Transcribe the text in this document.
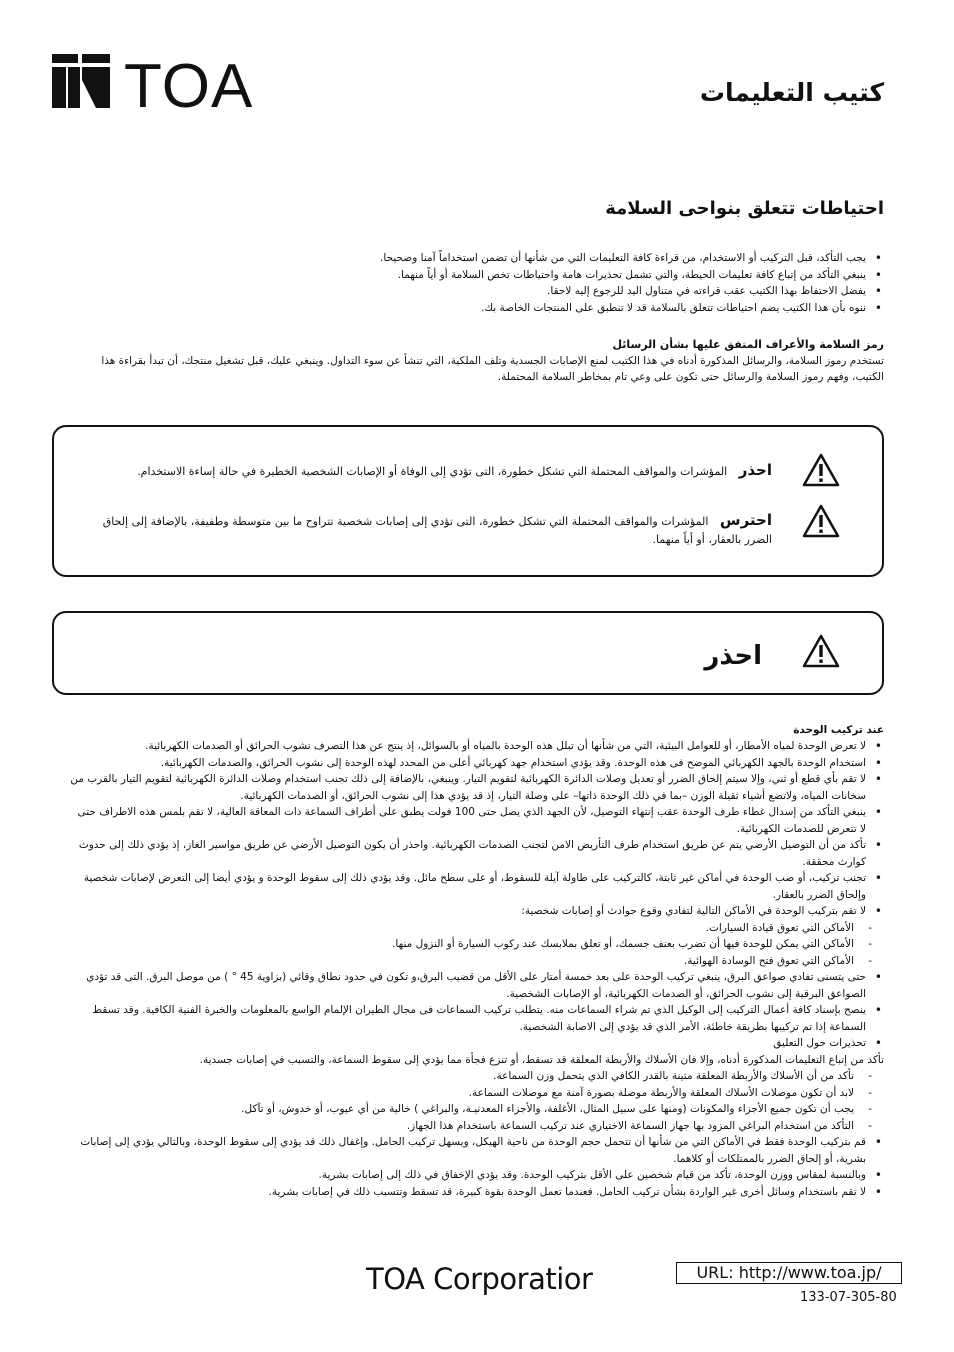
TOA	كتيب التعليمات
احتياطات تتعلق بنواحى السلامة
• يجب التأكد، قبل التركيب أو الاستخدام، من قراءة كافة التعليمات التي من شأنها أن تضمن استخداماً آمنا وصحيحا.
• ينبغي التأكد من إتباع كافة تعليمات الحيطة، والتي تشمل تحذيرات هامة واحتياطات تخص السلامة أو أياً منهما.
• يفضل الاحتفاظ بهذا الكتيب عقب قراءته في متناول اليد للرجوع إليه لاحقا.
• ننوه بأن هذا الكتيب يضم احتياطات تتعلق بالسلامة قد لا تنطبق على المنتجات الخاصة بك.
رمز السلامة والأعراف المتفق عليها بشأن الرسائل
تستخدم رموز السلامة، والرسائل المذكورة أدناه في هذا الكتيب لمنع الإصابات الجسدية وتلف الملكية، التي تنشأ عن سوء التداول. وينبغي عليك، قبل تشغيل منتجك، أن تبدأ بقراءة هذا الكتيب، وفهم رموز السلامة والرسائل حتى تكون على وعي تام بمخاطر السلامة المحتملة.
احذر المؤشرات والمواقف المحتملة التي تشكل خطورة، التى تؤدي إلى الوفاة أو الإصابات الشخصية الخطيرة في حالة إساءة الاستخدام.
احترس المؤشرات والمواقف المحتملة التي تشكل خطورة، التى تؤدي إلى إصابات شخصية تتراوح ما بين متوسطة وطفيفة، بالإضافة إلى إلحاق الضرر بالعقار، أو أياً منهما.
احذر
عند تركيب الوحدة
• لا تعرض الوحدة لمياه الأمطار، أو للعوامل البيئية، التي من شأنها أن تبلل هذه الوحدة بالمياه أو بالسوائل، إذ ينتج عن هذا التصرف نشوب الحرائق أو الصدمات الكهربائية.
• استخدام الوحدة بالجهد الكهربائي الموضح فى هذه الوحدة. وقد يؤدي استخدام جهد كهربائي أعلى من المحدد لهذه الوحدة إلى نشوب الحرائق، والصدمات الكهربائية.
• لا تقم بأي قطع أو ثني، وإلا سيتم إلحاق الضرر أو تعديل وصلات الدائرة الكهربائية لتقويم التيار. وينبغي، بالإضافة إلى ذلك تجنب استخدام وصلات الدائرة الكهربائية لتقويم التيار بالقرب من سخانات المياه، ولاتضع أشياء ثقيلة الوزن –بما في ذلك الوحدة ذاتها– على وصلة التيار، إذ قد يؤدي هذا إلى نشوب الحرائق، أو الصدمات الكهربائية.
• ينبغي التأكد من إسدال غطاء طرف الوحدة عقب إنتهاء التوصيل، لأن الجهد الذي يصل حتى 100 فولت يطبق على أطراف السماعة ذات المعاقة العالية، لا تقم بلمس هذه الاطراف حتى لا تتعرض للصدمات الكهربائية.
• تأكد من أن التوصيل الأرضي يتم عن طريق استخدام طرف التأريض الامن لتجنب الصدمات الكهربائية. واحذر أن يكون التوصيل الأرضي عن طريق مواسير الغاز، إذ يؤدي ذلك إلى حدوث كوارث محققة.
• تجنب تركيب، أو صب الوحدة في أماكن غير ثابتة، كالتركيب على طاولة آيلة للسقوط، أو على سطح مائل. وقد يؤدي ذلك إلى سقوط الوحدة و يؤدي أيضا إلى التعرض لإصابات شخصية وإلحاق الضرر بالعقار.
• لا تقم بتركيب الوحدة في الأماكن التالية لتفادي وقوع حوادث أو إصابات شخصية:
- الأماكن التي تعوق قيادة السيارات.
- الأماكن التي يمكن للوحدة فيها أن تضرب بعنف جسمك، أو تعلق بملابسك عند ركوب السيارة أو النزول منها.
- الأماكن التي تعوق فتح الوسادة الهوائية.
• حتى يتسنى تفادي صواعق البرق، ينبغي تركيب الوحدة على بعد خمسة أمتار على الأقل من قضيب البرق،و تكون في حدود نطاق وقائي (بزاوية 45 ° ) من موصل البرق. التى قد تؤدي الصواعق البرقية إلى نشوب الحرائق، أو الصدمات الكهربائية، أو الإصابات الشخصية.
• ينصح بإسناد كافة أعمال التركيب إلى الوكيل الذي تم شراء السماعات منه. يتطلب تركيب السماعات فى مجال الطيران الإلمام الواسع بالمعلومات والخبرة الفنية الكافية. وقد تسقط السماعة إذا تم تركيبها بطريقة خاطئة، الأمر الذي قد يؤدي إلى الاصابة الشخصية.
• تحذيرات حول التعليق
تأكد من إتباع التعليمات المذكورة أدناه، وإلا فان الأسلاك والأربطة المعلقة قد تسقط، أو تنزع فجأة مما يؤدي إلى سقوط السماعة، والتسبب في إصابات جسدية.
- تأكد من أن الأسلاك والأربطة المعلقة متينة بالقدر الكافي الذي يتحمل وزن السماعة.
- لابد أن تكون موصلات الأسلاك المعلقة والأربطة موصلة بصورة آمنة مع موصلات السماعة.
- يجب أن تكون جميع الأجزاء والمكونات (ومنها على سبيل المثال، الأغلفة، والأجزاء المعدنيـة، والبراغي ) خالية من أي عيوب، أو خدوش، أو تآكل.
- التأكد من استخدام البراغي المزود بها جهاز السماعة الاختياري عند تركيب السماعة باستخدام هذا الجهاز.
• قم بتركيب الوحدة فقط في الأماكن التي من شأنها أن تتحمل حجم الوحدة من ناحية الهيكل، ويسهل تركيب الحامل. وإغفال ذلك قد يؤدي إلى سقوط الوحدة، وبالتالي يؤدي إلى إصابات بشرية، أو إلحاق الضرر بالممتلكات أو كلاهما.
• وبالنسبة لمقاس ووزن الوحدة، تأكد من قيام شخصين على الأقل بتركيب الوحدة. وقد يؤدي الإخفاق في ذلك إلى إصابات بشرية.
• لا تقم باستخدام وسائل أخرى غير الواردة بشأن تركيب الحامل. فعندما تعمل الوحدة بقوة كبيرة، قد تسقط وتتسبب ذلك في إصابات بشرية.
TOA Corporatior	URL: http://www.toa.jp/
133-07-305-80
